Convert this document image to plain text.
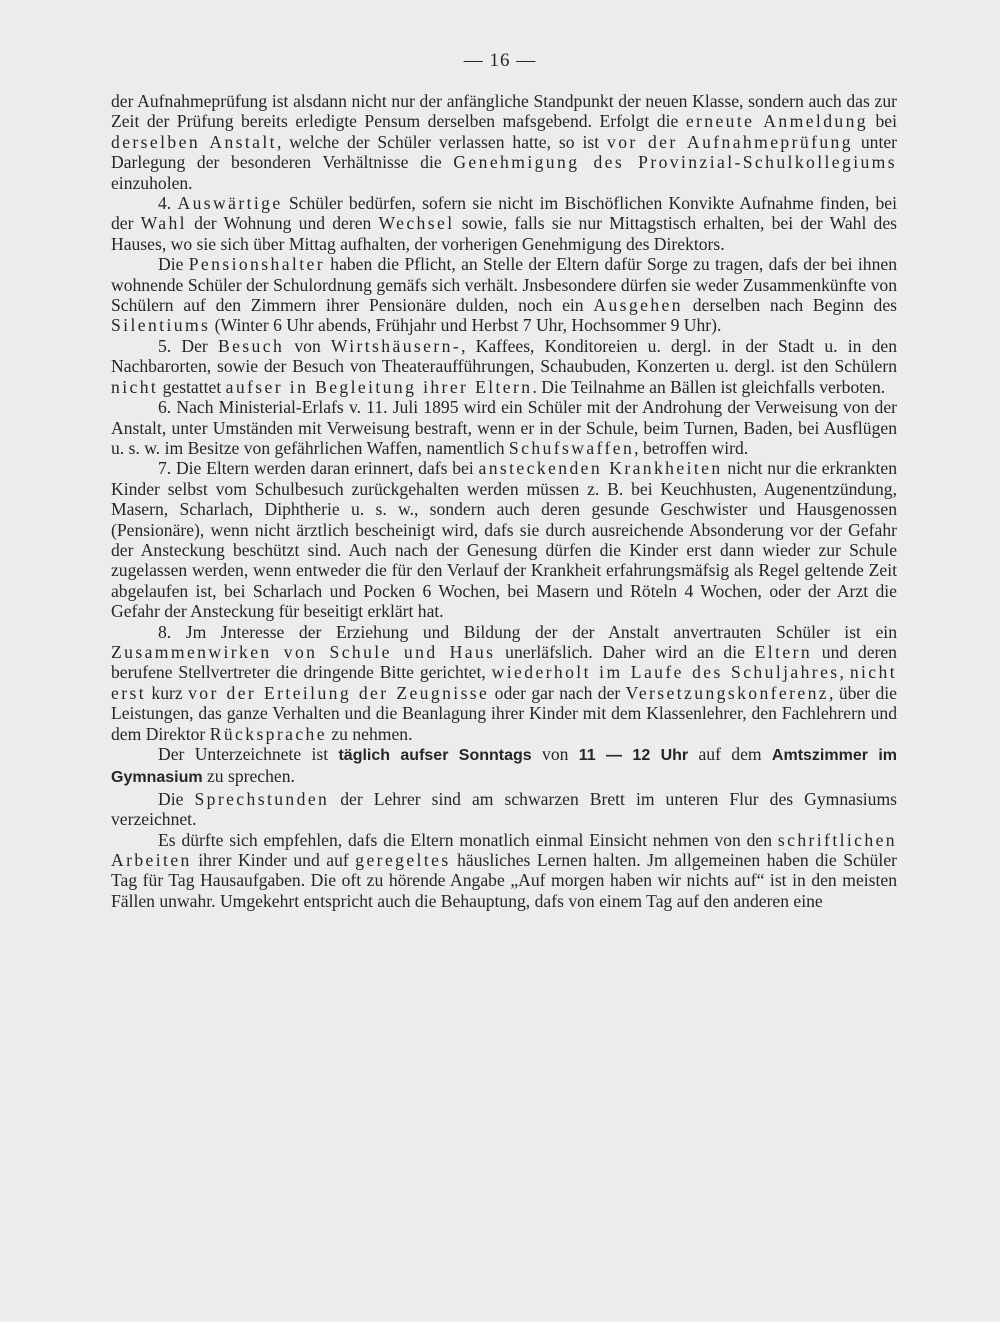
— 16 —

der Aufnahmeprüfung ist alsdann nicht nur der anfängliche Standpunkt der neuen Klasse, sondern auch das zur Zeit der Prüfung bereits erledigte Pensum derselben mafsgebend. Erfolgt die erneute Anmeldung bei derselben Anstalt, welche der Schüler verlassen hatte, so ist vor der Aufnahmeprüfung unter Darlegung der besonderen Verhältnisse die Genehmigung des Provinzial-Schulkollegiums einzuholen.

4. Auswärtige Schüler bedürfen, sofern sie nicht im Bischöflichen Konvikte Aufnahme finden, bei der Wahl der Wohnung und deren Wechsel sowie, falls sie nur Mittagstisch erhalten, bei der Wahl des Hauses, wo sie sich über Mittag aufhalten, der vorherigen Genehmigung des Direktors.

Die Pensionshalter haben die Pflicht, an Stelle der Eltern dafür Sorge zu tragen, dafs der bei ihnen wohnende Schüler der Schulordnung gemäfs sich verhält. Jnsbesondere dürfen sie weder Zusammenkünfte von Schülern auf den Zimmern ihrer Pensionäre dulden, noch ein Ausgehen derselben nach Beginn des Silentiums (Winter 6 Uhr abends, Frühjahr und Herbst 7 Uhr, Hochsommer 9 Uhr).

5. Der Besuch von Wirtshäusern-, Kaffees, Konditoreien u. dergl. in der Stadt u. in den Nachbarorten, sowie der Besuch von Theateraufführungen, Schaubuden, Konzerten u. dergl. ist den Schülern nicht gestattet aufser in Begleitung ihrer Eltern. Die Teilnahme an Bällen ist gleichfalls verboten.

6. Nach Ministerial-Erlafs v. 11. Juli 1895 wird ein Schüler mit der Androhung der Verweisung von der Anstalt, unter Umständen mit Verweisung bestraft, wenn er in der Schule, beim Turnen, Baden, bei Ausflügen u. s. w. im Besitze von gefährlichen Waffen, namentlich Schufswaffen, betroffen wird.

7. Die Eltern werden daran erinnert, dafs bei ansteckenden Krankheiten nicht nur die erkrankten Kinder selbst vom Schulbesuch zurückgehalten werden müssen z. B. bei Keuchhusten, Augenentzündung, Masern, Scharlach, Diphtherie u. s. w., sondern auch deren gesunde Geschwister und Hausgenossen (Pensionäre), wenn nicht ärztlich bescheinigt wird, dafs sie durch ausreichende Absonderung vor der Gefahr der Ansteckung beschützt sind. Auch nach der Genesung dürfen die Kinder erst dann wieder zur Schule zugelassen werden, wenn entweder die für den Verlauf der Krankheit erfahrungsmäfsig als Regel geltende Zeit abgelaufen ist, bei Scharlach und Pocken 6 Wochen, bei Masern und Röteln 4 Wochen, oder der Arzt die Gefahr der Ansteckung für beseitigt erklärt hat.

8. Jm Jnteresse der Erziehung und Bildung der der Anstalt anvertrauten Schüler ist ein Zusammenwirken von Schule und Haus unerläfslich. Daher wird an die Eltern und deren berufene Stellvertreter die dringende Bitte gerichtet, wiederholt im Laufe des Schuljahres, nicht erst kurz vor der Erteilung der Zeugnisse oder gar nach der Versetzungskonferenz, über die Leistungen, das ganze Verhalten und die Beanlagung ihrer Kinder mit dem Klassenlehrer, den Fachlehrern und dem Direktor Rücksprache zu nehmen.

Der Unterzeichnete ist täglich aufser Sonntags von 11 — 12 Uhr auf dem Amtszimmer im Gymnasium zu sprechen.

Die Sprechstunden der Lehrer sind am schwarzen Brett im unteren Flur des Gymnasiums verzeichnet.

Es dürfte sich empfehlen, dafs die Eltern monatlich einmal Einsicht nehmen von den schriftlichen Arbeiten ihrer Kinder und auf geregeltes häusliches Lernen halten. Jm allgemeinen haben die Schüler Tag für Tag Hausaufgaben. Die oft zu hörende Angabe „Auf morgen haben wir nichts auf“ ist in den meisten Fällen unwahr. Umgekehrt entspricht auch die Behauptung, dafs von einem Tag auf den anderen eine
